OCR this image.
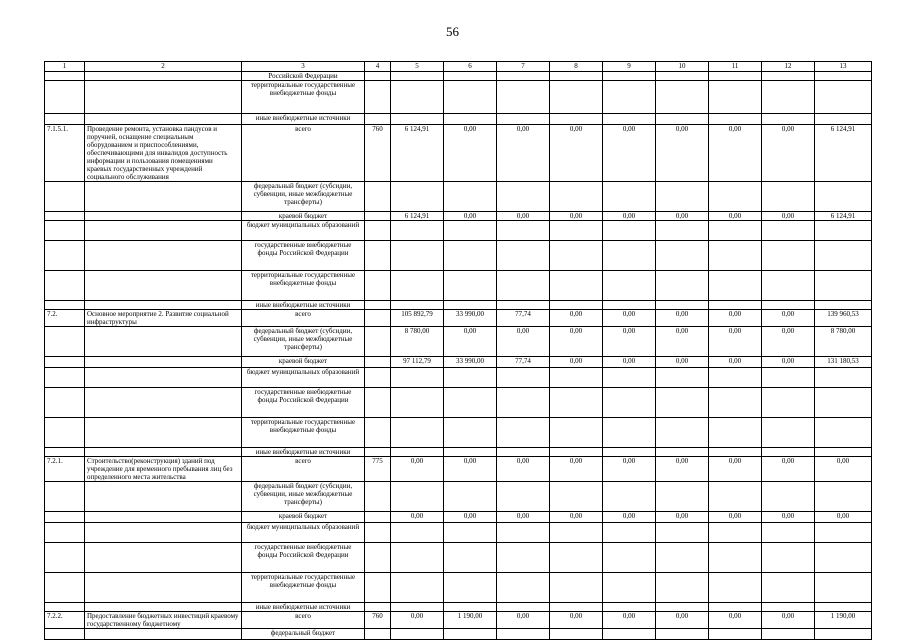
56
1	2	3	4	5	6	7	8	9	10	11	12	13
		Российской Федерации										
		территориальные государственные внебюджетные фонды										
		иные внебюджетные источники										
7.1.5.1.	Проведение ремонта, установка пандусов и поручней, оснащение специальным оборудованием и приспособлениями, обеспечивающими для инвалидов доступность информации и пользования помещениями краевых государственных учреждений социального обслуживания	всего	760	6 124,91	0,00	0,00	0,00	0,00	0,00	0,00	0,00	6 124,91
		федеральный бюджет (субсидии, субвенции, иные межбюджетные трансферты)										
		краевой бюджет		6 124,91	0,00	0,00	0,00	0,00	0,00	0,00	0,00	6 124,91
		бюджет муниципальных образований										
		государственные внебюджетные фонды Российской Федерации										
		территориальные государственные внебюджетные фонды										
		иные внебюджетные источники										
7.2.	Основное мероприятие 2. Развитие социальной инфраструктуры	всего		105 892,79	33 990,00	77,74	0,00	0,00	0,00	0,00	0,00	139 960,53
		федеральный бюджет (субсидии, субвенции, иные межбюджетные трансферты)		8 780,00	0,00	0,00	0,00	0,00	0,00	0,00	0,00	8 780,00
		краевой бюджет		97 112,79	33 990,00	77,74	0,00	0,00	0,00	0,00	0,00	131 180,53
		бюджет муниципальных образований										
		государственные внебюджетные фонды Российской Федерации										
		территориальные государственные внебюджетные фонды										
		иные внебюджетные источники										
7.2.1.	Строительство(реконструкция) зданий под учреждение для временного пребывания лиц без определенного места жительства	всего	775	0,00	0,00	0,00	0,00	0,00	0,00	0,00	0,00	0,00
		федеральный бюджет (субсидии, субвенции, иные межбюджетные трансферты)										
		краевой бюджет		0,00	0,00	0,00	0,00	0,00	0,00	0,00	0,00	0,00
		бюджет муниципальных образований										
		государственные внебюджетные фонды Российской Федерации										
		территориальные государственные внебюджетные фонды										
		иные внебюджетные источники										
7.2.2.	Предоставление бюджетных инвестиций краевому государственному бюджетному	всего	760	0,00	1 190,00	0,00	0,00	0,00	0,00	0,00	0,00	1 190,00
		федеральный бюджет										
